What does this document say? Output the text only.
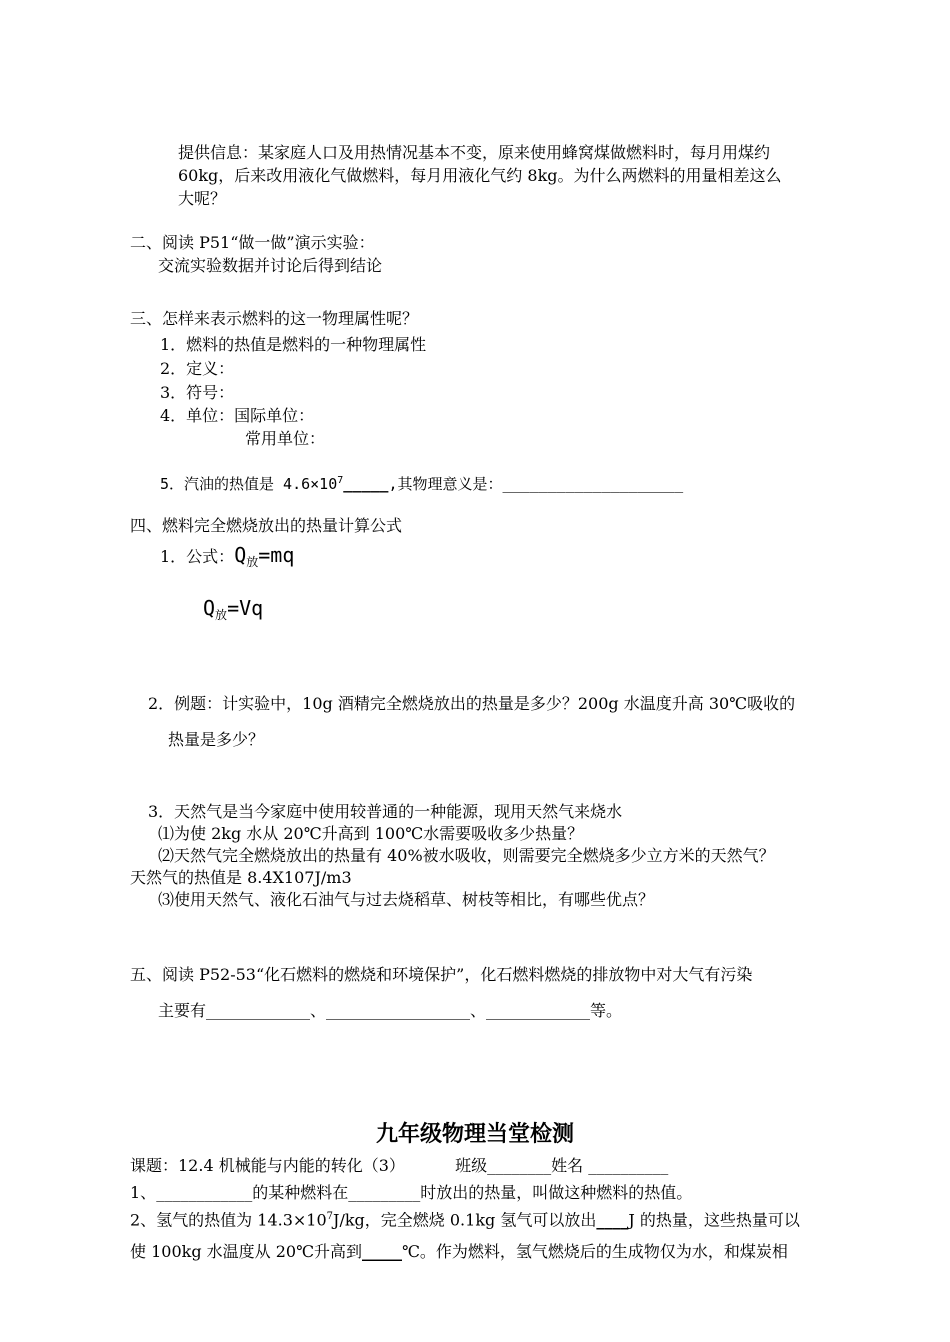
提供信息：某家庭人口及用热情况基本不变，原来使用蜂窝煤做燃料时，每月用煤约
60kg，后来改用液化气做燃料，每月用液化气约 8kg。为什么两燃料的用量相差这么
大呢？
二、阅读 P51“做一做”演示实验：
交流实验数据并讨论后得到结论
三、怎样来表示燃料的这一物理属性呢？
1．燃料的热值是燃料的一种物理属性
2．定义：
3．符号：
4．单位：国际单位：
常用单位：
5．汽油的热值是 $4.6\times 10^7\_\_\_\_\_$,其物理意义是：____________________
四、燃料完全燃烧放出的热量计算公式
1．公式：$Q_放=mq$
$Q_放=Vq$
2．例题：计实验中，10g 酒精完全燃烧放出的热量是多少？200g 水温度升高 30℃吸收的
热量是多少？
3．天然气是当今家庭中使用较普通的一种能源，现用天然气来烧水
⑴为使 2kg 水从 20℃升高到 100℃水需要吸收多少热量？
⑵天然气完全燃烧放出的热量有 40%被水吸收，则需要完全燃烧多少立方米的天然气？
天然气的热值是 8.4X107J/m3
⑶使用天然气、液化石油气与过去烧稻草、树枝等相比，有哪些优点？
五、阅读 P52-53“化石燃料的燃烧和环境保护”，化石燃料燃烧的排放物中对大气有污染
主要有_____________、__________________、_____________等。
九年级物理当堂检测
课题：12.4 机械能与内能的转化（3）	班级________姓名 __________
1、____________的某种燃料在_________时放出的热量，叫做这种燃料的热值。
2、氢气的热值为 $14.3\times 10^7J/kg$，完全燃烧 0.1kg 氢气可以放出____J 的热量，这些热量可以
使 100kg 水温度从 20℃升高到_____℃。作为燃料，氢气燃烧后的生成物仅为水，和煤炭相
